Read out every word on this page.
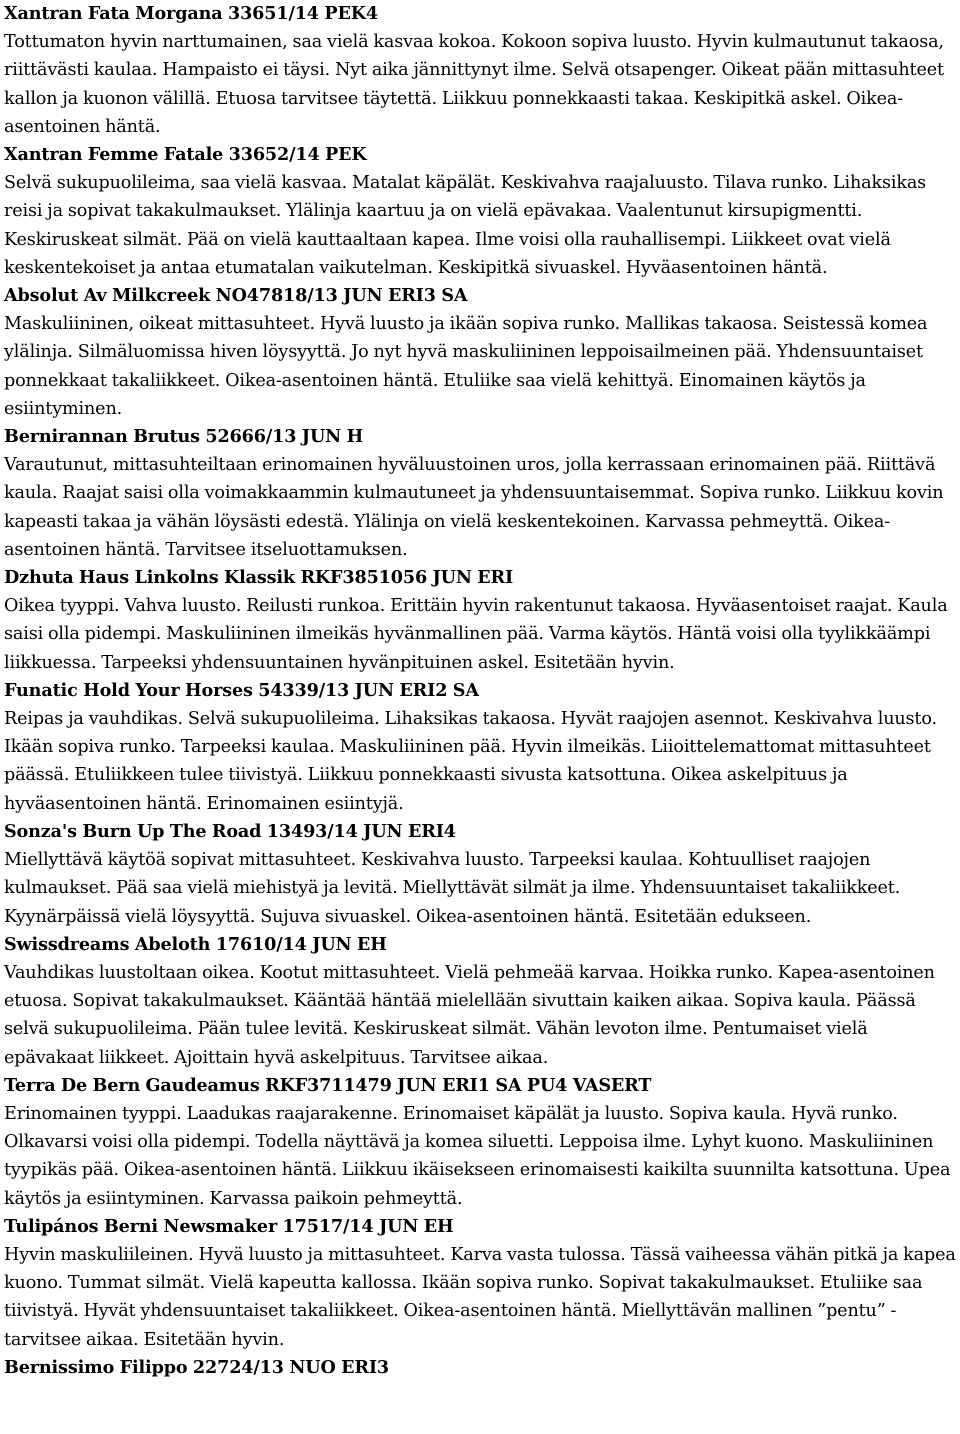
Xantran Fata Morgana 33651/14 PEK4
Tottumaton hyvin narttumainen, saa vielä kasvaa kokoa. Kokoon sopiva luusto. Hyvin kulmautunut takaosa, riittävästi kaulaa. Hampaisto ei täysi. Nyt aika jännittynyt ilme. Selvä otsapenger. Oikeat pään mittasuhteet kallon ja kuonon välillä. Etuosa tarvitsee täytettä. Liikkuu ponnekkaasti takaa. Keskipitkä askel. Oikea-asentoinen häntä.
Xantran Femme Fatale 33652/14 PEK
Selvä sukupuolileima, saa vielä kasvaa. Matalat käpälät. Keskivahva raajaluusto. Tilava runko. Lihaksikas reisi ja sopivat takakulmaukset. Ylälinja kaartuu ja on vielä epävakaa. Vaalentunut kirsupigmentti. Keskiruskeat silmät. Pää on vielä kauttaaltaan kapea. Ilme voisi olla rauhallisempi. Liikkeet ovat vielä keskentekoiset ja antaa etumatalan vaikutelman. Keskipitkä sivuaskel. Hyväasentoinen häntä.
Absolut Av Milkcreek NO47818/13 JUN ERI3 SA
Maskuliininen, oikeat mittasuhteet. Hyvä luusto ja ikään sopiva runko. Mallikas takaosa. Seistessä komea ylälinja. Silmäluomissa hiven löysyyttä. Jo nyt hyvä maskuliininen leppoisailmeinen pää. Yhdensuuntaiset ponnekkaat takaliikkeet. Oikea-asentoinen häntä. Etuliike saa vielä kehittyä. Einomainen käytös ja esiintyminen.
Bernirannan Brutus 52666/13 JUN H
Varautunut, mittasuhteiltaan erinomainen hyväluustoinen uros, jolla kerrassaan erinomainen pää. Riittävä kaula. Raajat saisi olla voimakkaammin kulmautuneet ja yhdensuuntaisemmat. Sopiva runko. Liikkuu kovin kapeasti takaa ja vähän löysästi edestä. Ylälinja on vielä keskentekoinen. Karvassa pehmeyttä. Oikea-asentoinen häntä. Tarvitsee itseluottamuksen.
Dzhuta Haus Linkolns Klassik RKF3851056 JUN ERI
Oikea tyyppi. Vahva luusto. Reilusti runkoa. Erittäin hyvin rakentunut takaosa. Hyväasentoiset raajat. Kaula saisi olla pidempi. Maskuliininen ilmeikäs hyvänmallinen pää. Varma käytös. Häntä voisi olla tyylikkäämpi liikkuessa. Tarpeeksi yhdensuuntainen hyvänpituinen askel. Esitetään hyvin.
Funatic Hold Your Horses 54339/13 JUN ERI2 SA
Reipas ja vauhdikas. Selvä sukupuolileima. Lihaksikas takaosa. Hyvät raajojen asennot. Keskivahva luusto. Ikään sopiva runko. Tarpeeksi kaulaa. Maskuliininen pää. Hyvin ilmeikäs. Liioittelemattomat mittasuhteet päässä. Etuliikkeen tulee tiivistyä. Liikkuu ponnekkaasti sivusta katsottuna. Oikea askelpituus ja hyväasentoinen häntä. Erinomainen esiintyjä.
Sonza's Burn Up The Road 13493/14 JUN ERI4
Miellyttävä käytöä sopivat mittasuhteet. Keskivahva luusto. Tarpeeksi kaulaa. Kohtuulliset raajojen kulmaukset. Pää saa vielä miehistyä ja levitä. Miellyttävät silmät ja ilme. Yhdensuuntaiset takaliikkeet. Kyynärpäissä vielä löysyyttä. Sujuva sivuaskel. Oikea-asentoinen häntä. Esitetään edukseen.
Swissdreams Abeloth 17610/14 JUN EH
Vauhdikas luustoltaan oikea. Kootut mittasuhteet. Vielä pehmeää karvaa. Hoikka runko. Kapea-asentoinen etuosa. Sopivat takakulmaukset. Kääntää häntää mielellään sivuttain kaiken aikaa. Sopiva kaula. Päässä selvä sukupuolileima. Pään tulee levitä. Keskiruskeat silmät. Vähän levoton ilme. Pentumaiset vielä epävakaat liikkeet. Ajoittain hyvä askelpituus. Tarvitsee aikaa.
Terra De Bern Gaudeamus RKF3711479 JUN ERI1 SA PU4 VASERT
Erinomainen tyyppi. Laadukas raajarakenne. Erinomaiset käpälät ja luusto. Sopiva kaula. Hyvä runko. Olkavarsi voisi olla pidempi. Todella näyttävä ja komea siluetti. Leppoisa ilme. Lyhyt kuono. Maskuliininen tyypikäs pää. Oikea-asentoinen häntä. Liikkuu ikäisekseen erinomaisesti kaikilta suunnilta katsottuna. Upea käytös ja esiintyminen. Karvassa paikoin pehmeyttä.
Tulipános Berni Newsmaker 17517/14 JUN EH
Hyvin maskuliileinen. Hyvä luusto ja mittasuhteet. Karva vasta tulossa. Tässä vaiheessa vähän pitkä ja kapea kuono. Tummat silmät. Vielä kapeutta kallossa. Ikään sopiva runko. Sopivat takakulmaukset. Etuliike saa tiivistyä. Hyvät yhdensuuntaiset takaliikkeet. Oikea-asentoinen häntä. Miellyttävän mallinen ”pentu” - tarvitsee aikaa. Esitetään hyvin.
Bernissimo Filippo 22724/13 NUO ERI3
